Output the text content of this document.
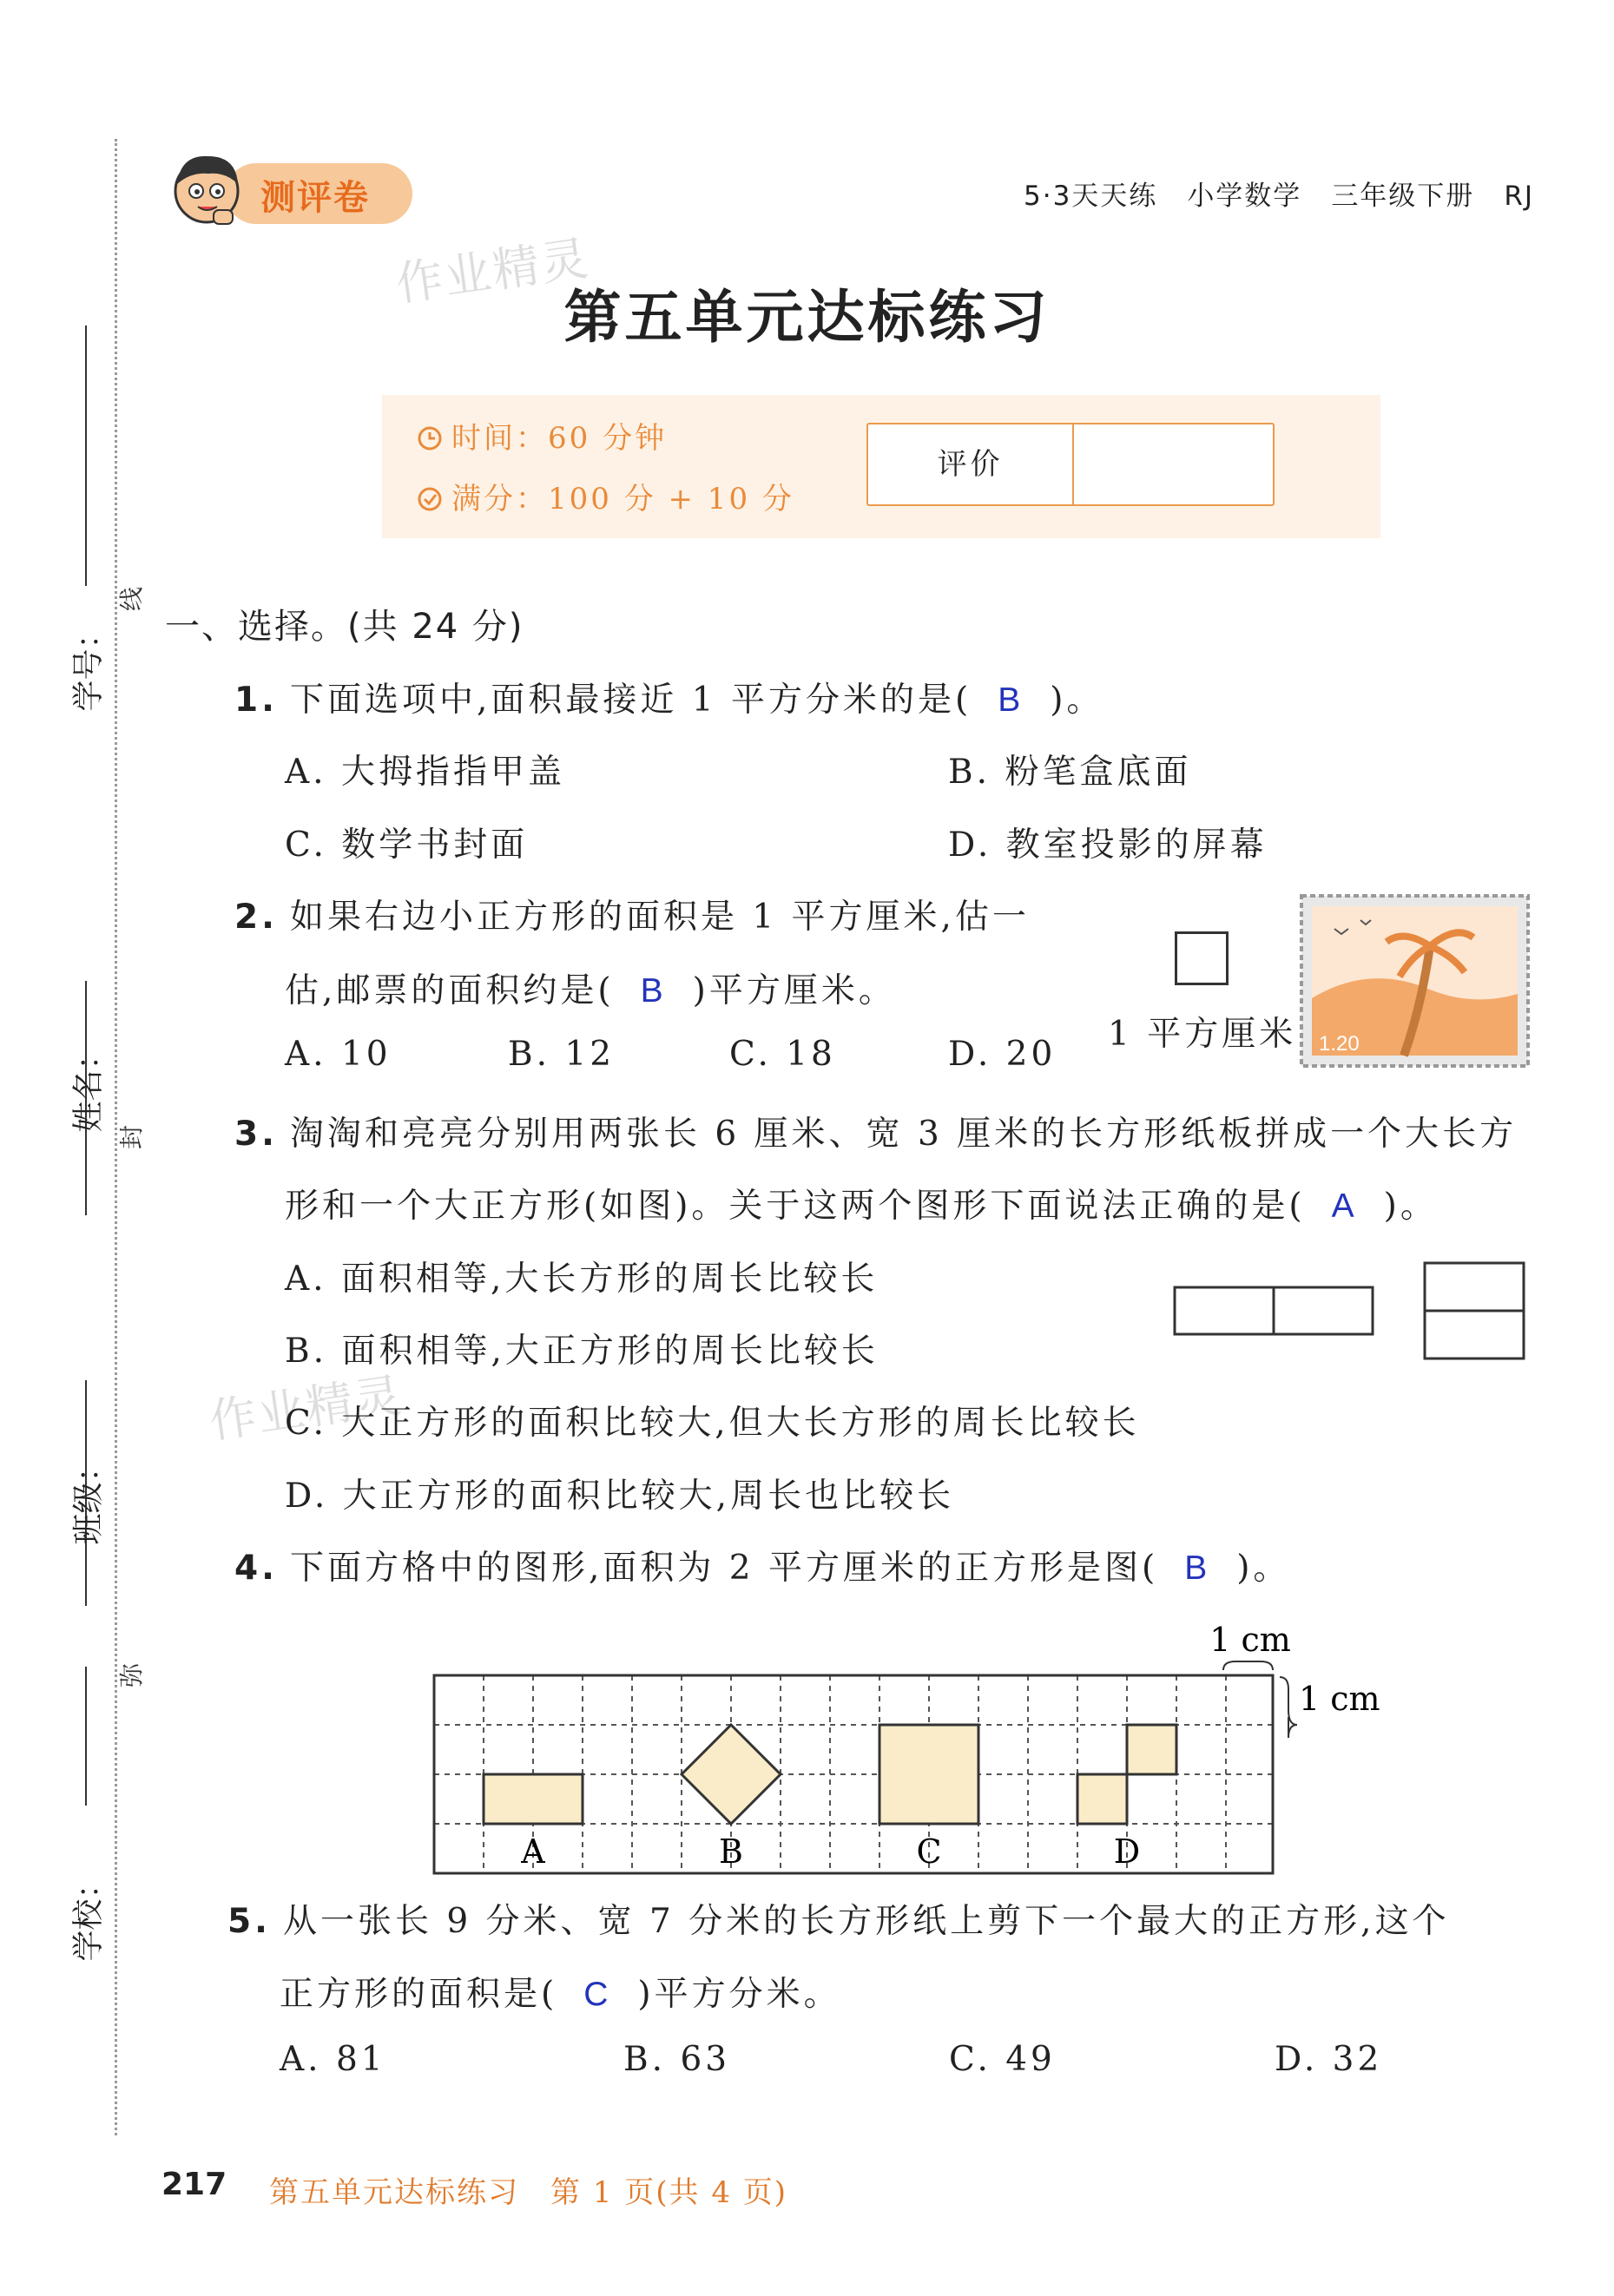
学号：
姓名：
班级：
学校：
线
封
弥
测评卷	5·3天天练 小学数学 三年级下册 RJ
作业精灵
作业精灵
第五单元达标练习
时间：60 分钟
满分：100 分 + 10 分
评价
一、选择。(共 24 分)
1. 下面选项中,面积最接近 1 平方分米的是( B )。
A. 大拇指指甲盖	B. 粉笔盒底面
C. 数学书封面	D. 教室投影的屏幕
2. 如果右边小正方形的面积是 1 平方厘米,估一
估,邮票的面积约是( B )平方厘米。
A. 10	B. 12	C. 18	D. 20
1 平方厘米 1.20
3. 淘淘和亮亮分别用两张长 6 厘米、宽 3 厘米的长方形纸板拼成一个大长方
形和一个大正方形(如图)。关于这两个图形下面说法正确的是( A )。
A. 面积相等,大长方形的周长比较长
B. 面积相等,大正方形的周长比较长
C. 大正方形的面积比较大,但大长方形的周长比较长
D. 大正方形的面积比较大,周长也比较长
4. 下面方格中的图形,面积为 2 平方厘米的正方形是图( B )。
A	B	C	D
1 cm
1 cm
5. 从一张长 9 分米、宽 7 分米的长方形纸上剪下一个最大的正方形,这个
正方形的面积是( C )平方分米。
A. 81	B. 63	C. 49	D. 32
217 第五单元达标练习　第 1 页(共 4 页)
